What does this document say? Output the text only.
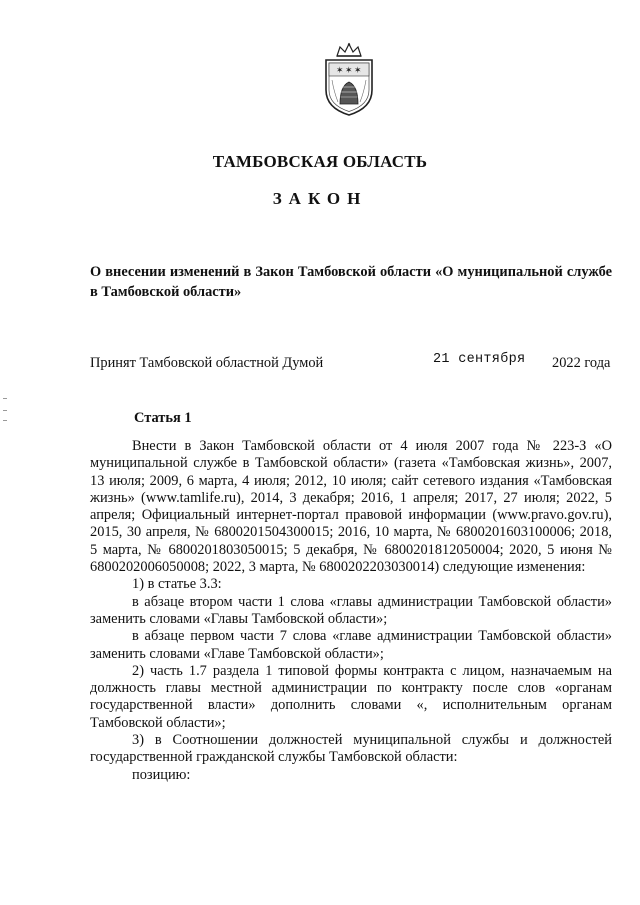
✶ ✶ ✶
ТАМБОВСКАЯ ОБЛАСТЬ
ЗАКОН
О внесении изменений в Закон Тамбовской области «О муниципальной службе в Тамбовской области»
Принят Тамбовской областной Думой	21 сентября 2022 года
Статья 1

Внести в Закон Тамбовской области от 4 июля 2007 года № 223-З «О муниципальной службе в Тамбовской области» (газета «Тамбовская жизнь», 2007, 13 июля; 2009, 6 марта, 4 июля; 2012, 10 июля; сайт сетевого издания «Тамбовская жизнь» (www.tamlife.ru), 2014, 3 декабря; 2016, 1 апреля; 2017, 27 июля; 2022, 5 апреля; Официальный интернет-портал правовой информации (www.pravo.gov.ru), 2015, 30 апреля, № 6800201504300015; 2016, 10 марта, № 6800201603100006; 2018, 5 марта, № 6800201803050015; 5 декабря, № 6800201812050004; 2020, 5 июня № 6800202006050008; 2022, 3 марта, № 6800202203030014) следующие изменения:

1) в статье 3.3:

в абзаце втором части 1 слова «главы администрации Тамбовской области» заменить словами «Главы Тамбовской области»;

в абзаце первом части 7 слова «главе администрации Тамбовской области» заменить словами «Главе Тамбовской области»;

2) часть 1.7 раздела 1 типовой формы контракта с лицом, назначаемым на должность главы местной администрации по контракту после слов «органам государственной власти» дополнить словами «, исполнительным органам Тамбовской области»;

3) в Соотношении должностей муниципальной службы и должностей государственной гражданской службы Тамбовской области:

позицию:
